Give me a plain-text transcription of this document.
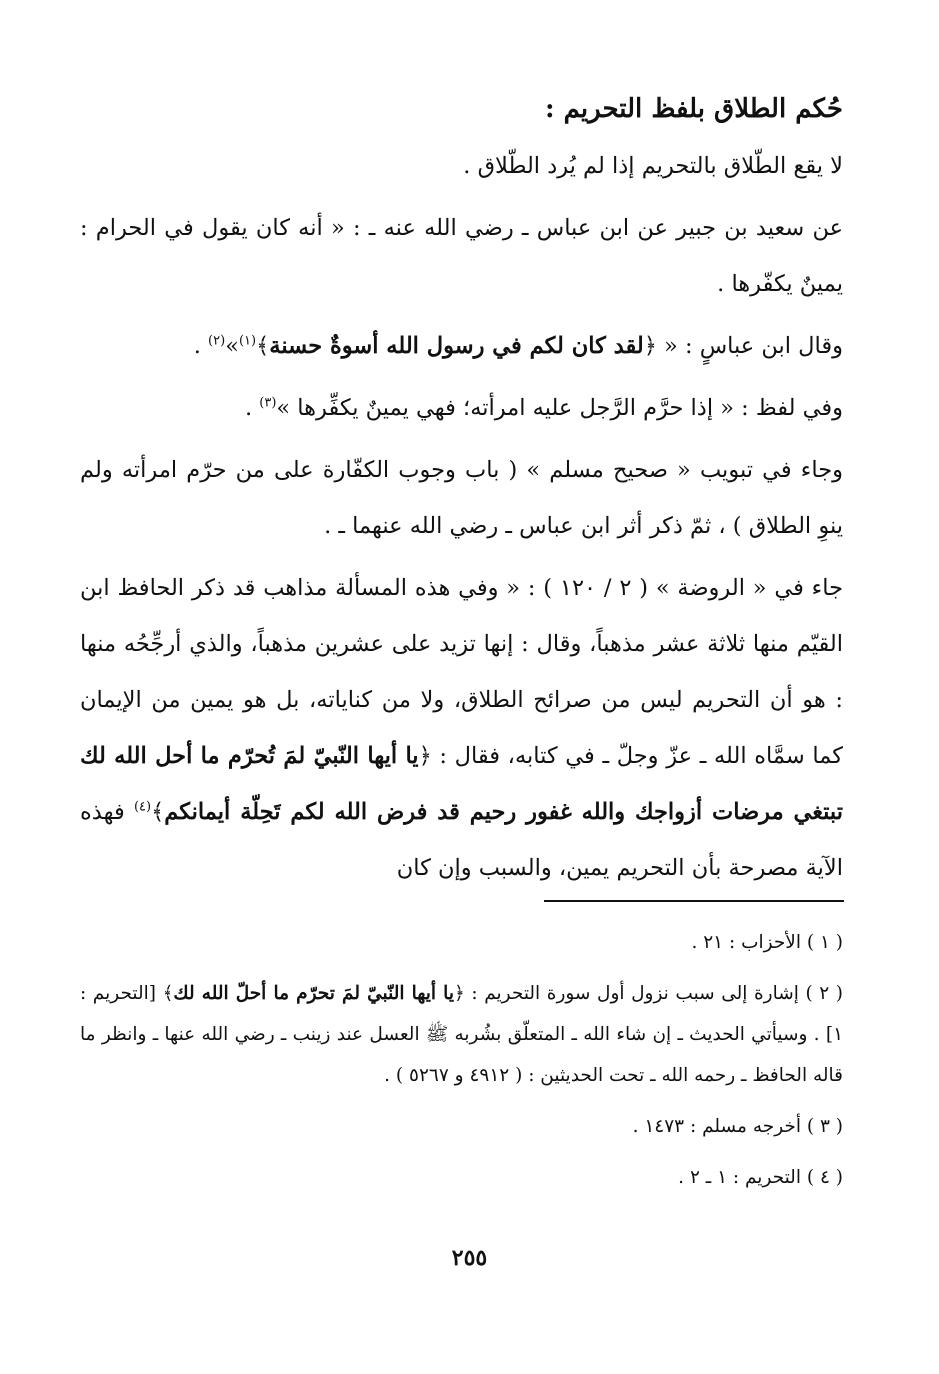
حُكم الطلاق بلفظ التحريم :

لا يقع الطّلاق بالتحريم إذا لم يُرد الطّلاق .

عن سعيد بن جبير عن ابن عباس ـ رضي الله عنه ـ : « أنه كان يقول في الحرام : يمينٌ يكفّرها .

وقال ابن عباسٍ : « ﴿لقد كان لكم في رسول الله أسوةٌ حسنة﴾$^{(١)}$»$^{(٢)}$ .

وفي لفظ : « إذا حرَّم الرَّجل عليه امرأته؛ فهي يمينٌ يكفِّرها »$^{(٣)}$ .

وجاء في تبويب « صحيح مسلم » ( باب وجوب الكفّارة على من حرّم امرأته ولم ينوِ الطلاق ) ، ثمّ ذكر أثر ابن عباس ـ رضي الله عنهما ـ .

جاء في « الروضة » ( ٢ / ١٢٠ ) : « وفي هذه المسألة مذاهب قد ذكر الحافظ ابن القيّم منها ثلاثة عشر مذهباً، وقال : إنها تزيد على عشرين مذهباً، والذي أرجِّحُه منها : هو أن التحريم ليس من صرائح الطلاق، ولا من كناياته، بل هو يمين من الإيمان كما سمَّاه الله ـ عزّ وجلّ ـ في كتابه، فقال : ﴿يا أيها النّبيّ لمَ تُحرّم ما أحل الله لك تبتغي مرضات أزواجك والله غفور رحيم قد فرض الله لكم تَحِلّة أيمانكم﴾$^{(٤)}$ فهذه الآية مصرحة بأن التحريم يمين، والسبب وإن كان

( ١ ) الأحزاب : ٢١ .

( ٢ ) إشارة إلى سبب نزول أول سورة التحريم : ﴿يا أيها النّبيّ لمَ تحرّم ما أحلّ الله لك﴾ [التحريم : ١] . وسيأتي الحديث ـ إن شاء الله ـ المتعلّق بشُربه ﷺ العسل عند زينب ـ رضي الله عنها ـ وانظر ما قاله الحافظ ـ رحمه الله ـ تحت الحديثين : ( ٤٩١٢ و ٥٢٦٧ ) .

( ٣ ) أخرجه مسلم : ١٤٧٣ .

( ٤ ) التحريم : ١ ـ ٢ .

٢٥٥
